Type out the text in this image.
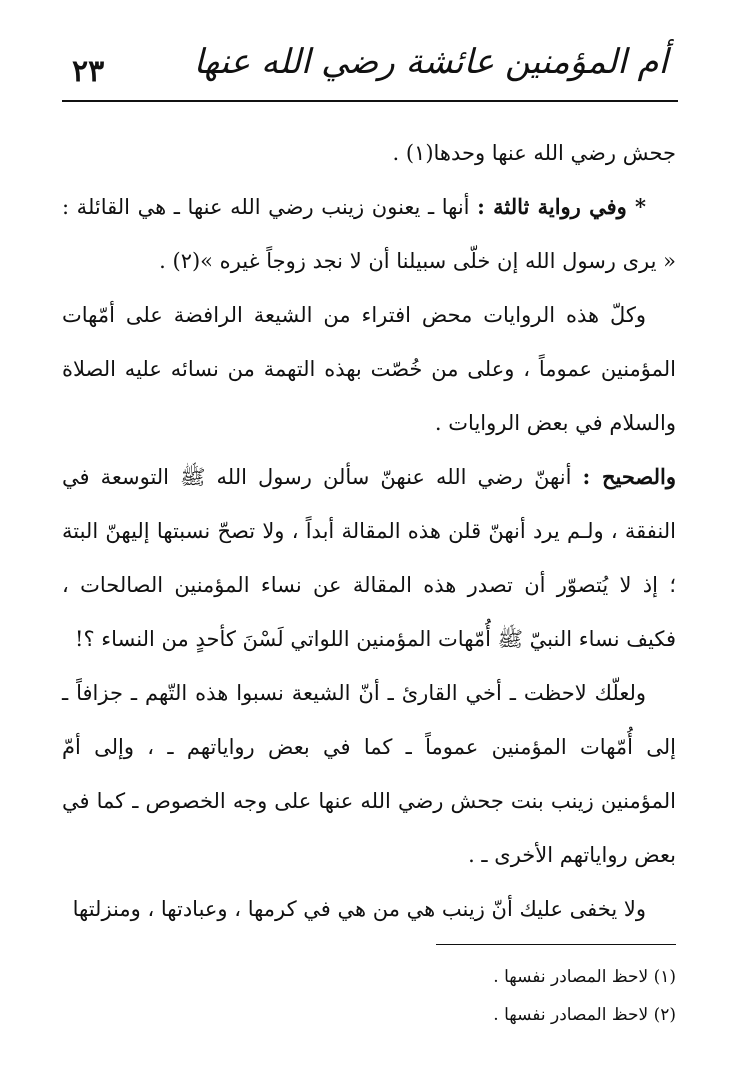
٢٣	أم المؤمنين عائشة رضي الله عنها

جحش رضي الله عنها وحدها(١) .

* وفي رواية ثالثة : أنها ـ يعنون زينب رضي الله عنها ـ هي القائلة : « يرى رسول الله إن خلّى سبيلنا أن لا نجد زوجاً غيره »(٢) .

وكلّ هذه الروايات محض افتراء من الشيعة الرافضة على أمّهات المؤمنين عموماً ، وعلى من خُصّت بهذه التهمة من نسائه عليه الصلاة والسلام في بعض الروايات .

والصحيح : أنهنّ رضي الله عنهنّ سألن رسول الله ﷺ التوسعة في النفقة ، ولـم يرد أنهنّ قلن هذه المقالة أبداً ، ولا تصحّ نسبتها إليهنّ البتة ؛ إذ لا يُتصوّر أن تصدر هذه المقالة عن نساء المؤمنين الصالحات ، فكيف نساء النبيّ ﷺ أُمّهات المؤمنين اللواتي لَسْنَ كأحدٍ من النساء ؟!

ولعلّك لاحظت ـ أخي القارئ ـ أنّ الشيعة نسبوا هذه التّهم ـ جزافاً ـ إلى أُمّهات المؤمنين عموماً ـ كما في بعض رواياتهم ـ ، وإلى أمّ المؤمنين زينب بنت جحش رضي الله عنها على وجه الخصوص ـ كما في بعض رواياتهم الأخرى ـ .

ولا يخفى عليك أنّ زينب هي من هي في كرمها ، وعبادتها ، ومنزلتها

(١) لاحظ المصادر نفسها .

(٢) لاحظ المصادر نفسها .
